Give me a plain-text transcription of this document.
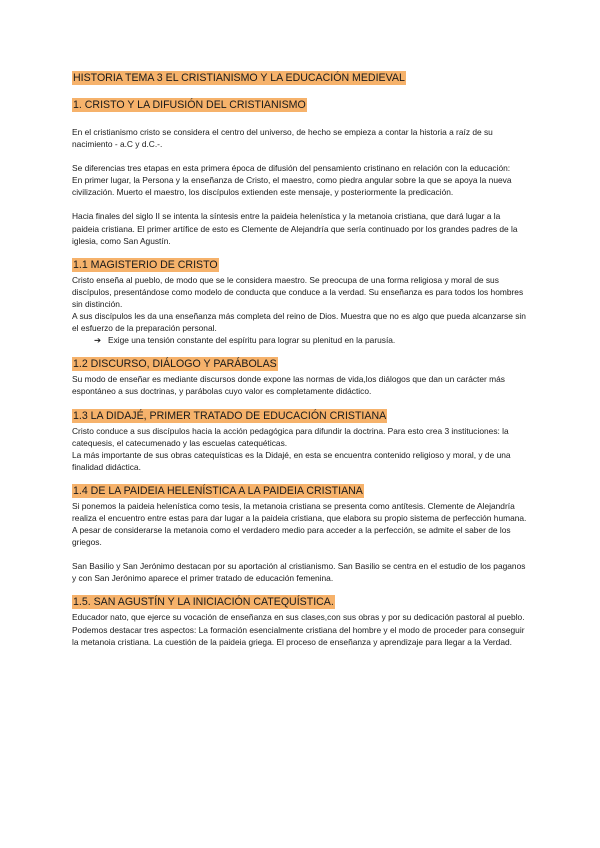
HISTORIA TEMA 3 EL CRISTIANISMO Y LA EDUCACIÓN MEDIEVAL
1. CRISTO Y LA DIFUSIÓN DEL CRISTIANISMO

En el cristianismo cristo se considera el centro del universo, de hecho se empieza a contar la historia a raíz de su nacimiento - a.C y d.C.-.

Se diferencias tres etapas en esta primera época de difusión del pensamiento cristinano en relación con la educación:

En primer lugar, la Persona y la enseñanza de Cristo, el maestro, como piedra angular sobre la que se apoya la nueva civilización. Muerto el maestro, los discípulos extienden este mensaje, y posteriormente la predicación.

Hacia finales del siglo II se intenta la síntesis entre la paideia helenística y la metanoia cristiana, que dará lugar a la paideia cristiana. El primer artífice de esto es Clemente de Alejandría que sería continuado por los grandes padres de la iglesia, como San Agustín.

1.1 MAGISTERIO DE CRISTO

Cristo enseña al pueblo, de modo que se le considera maestro. Se preocupa de una forma religiosa y moral de sus discípulos, presentándose como modelo de conducta que conduce a la verdad. Su enseñanza es para todos los hombres sin distinción.

A sus discípulos les da una enseñanza más completa del reino de Dios. Muestra que no es algo que pueda alcanzarse sin el esfuerzo de la preparación personal.

➔ Exige una tensión constante del espíritu para lograr su plenitud en la parusía.
1.2 DISCURSO, DIÁLOGO Y PARÁBOLAS

Su modo de enseñar es mediante discursos donde expone las normas de vida,los diálogos que dan un carácter más espontáneo a sus doctrinas, y parábolas cuyo valor es completamente didáctico.

1.3 LA DIDAJÉ, PRIMER TRATADO DE EDUCACIÓN CRISTIANA

Cristo conduce a sus discípulos hacia la acción pedagógica para difundir la doctrina. Para esto crea 3 instituciones: la catequesis, el catecumenado y las escuelas catequéticas.

La más importante de sus obras catequísticas es la Didajé, en esta se encuentra contenido religioso y moral, y de una finalidad didáctica.

1.4 DE LA PAIDEIA HELENÍSTICA A LA PAIDEIA CRISTIANA

Si ponemos la paideia helenística como tesis, la metanoia cristiana se presenta como antítesis. Clemente de Alejandría realiza el encuentro entre estas para dar lugar a la paideia cristiana, que elabora su propio sistema de perfección humana. A pesar de considerarse la metanoia como el verdadero medio para acceder a la perfección, se admite el saber de los griegos.

San Basilio y San Jerónimo destacan por su aportación al cristianismo. San Basilio se centra en el estudio de los paganos y con San Jerónimo aparece el primer tratado de educación femenina.

1.5. SAN AGUSTÍN Y LA INICIACIÓN CATEQUÍSTICA.

Educador nato, que ejerce su vocación de enseñanza en sus clases,con sus obras y por su dedicación pastoral al pueblo.

Podemos destacar tres aspectos: La formación esencialmente cristiana del hombre y el modo de proceder para conseguir la metanoia cristiana. La cuestión de la paideia griega. El proceso de enseñanza y aprendizaje para llegar a la Verdad.
